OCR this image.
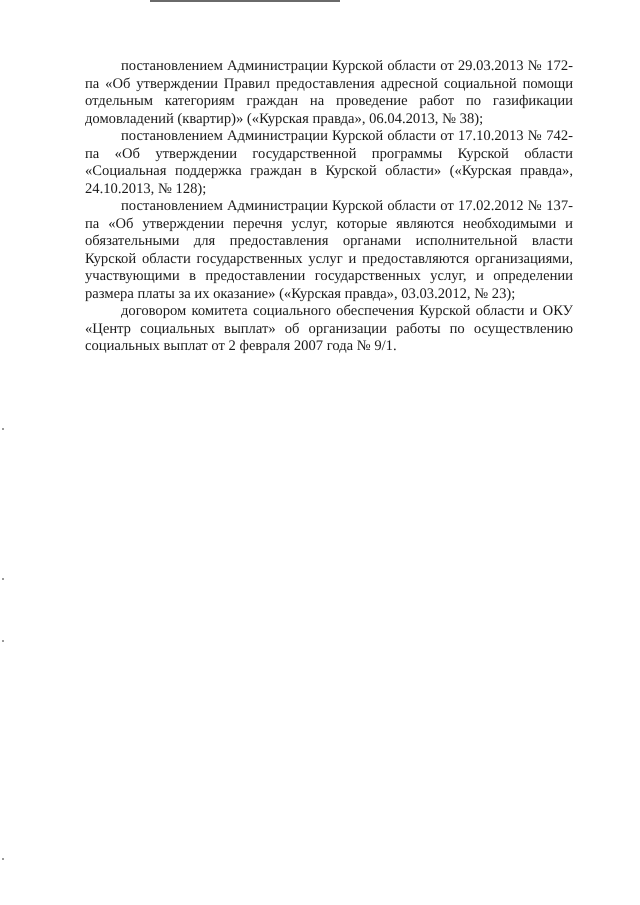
постановлением Администрации Курской области от 29.03.2013 № 172-па «Об утверждении Правил предоставления адресной социальной помощи отдельным категориям граждан на проведение работ по газификации домовладений (квартир)» («Курская правда», 06.04.2013, № 38);

постановлением Администрации Курской области от 17.10.2013 № 742-па «Об утверждении государственной программы Курской области «Социальная поддержка граждан в Курской области» («Курская правда», 24.10.2013, № 128);

постановлением Администрации Курской области от 17.02.2012 № 137-па «Об утверждении перечня услуг, которые являются необходимыми и обязательными для предоставления органами исполнительной власти Курской области государственных услуг и предоставляются организациями, участвующими в предоставлении государственных услуг, и определении размера платы за их оказание» («Курская правда», 03.03.2012, № 23);

договором комитета социального обеспечения Курской области и ОКУ «Центр социальных выплат» об организации работы по осуществлению социальных выплат от 2 февраля 2007 года № 9/1.
